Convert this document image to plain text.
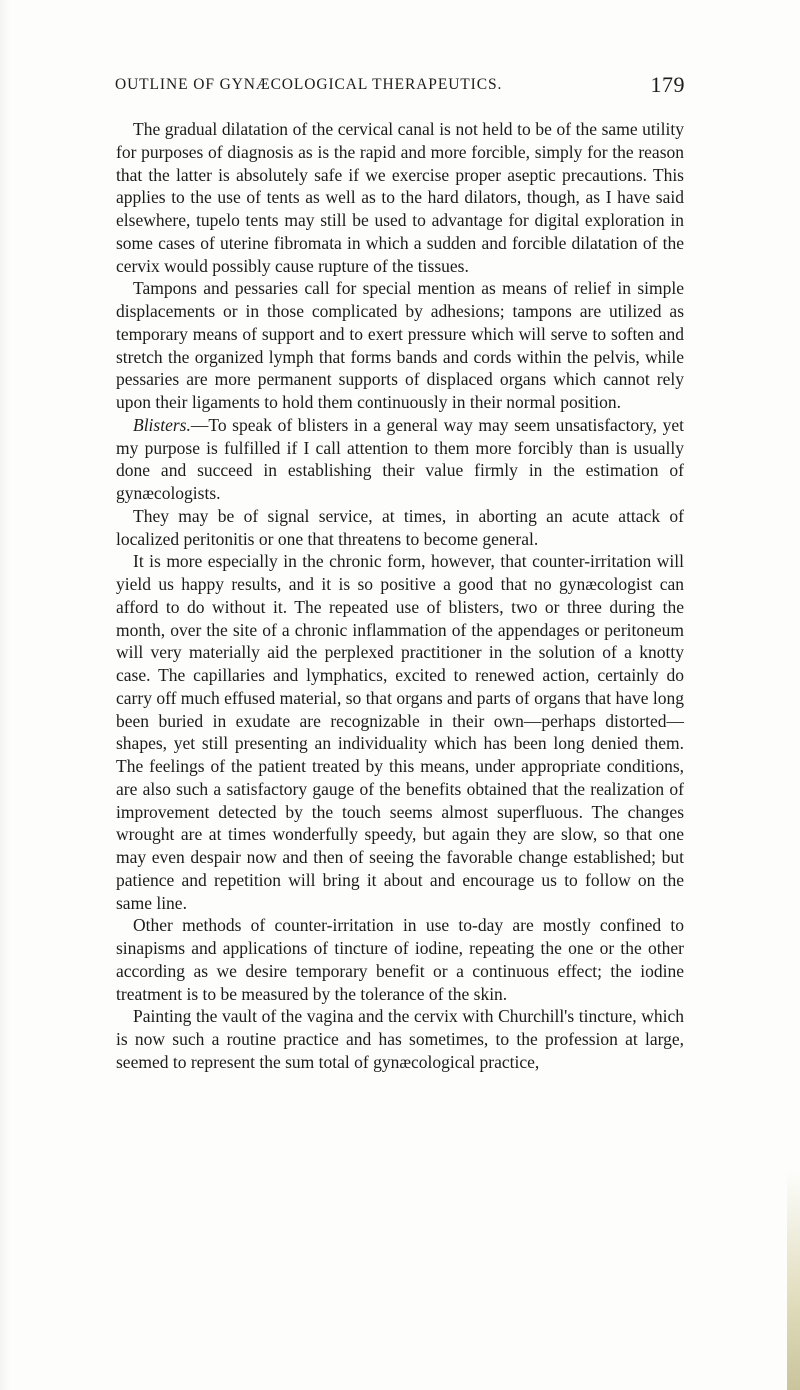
OUTLINE OF GYNÆCOLOGICAL THERAPEUTICS.	179

The gradual dilatation of the cervical canal is not held to be of the same utility for purposes of diagnosis as is the rapid and more forcible, simply for the reason that the latter is absolutely safe if we exercise proper aseptic precautions. This applies to the use of tents as well as to the hard dilators, though, as I have said elsewhere, tupelo tents may still be used to advantage for digital exploration in some cases of uterine fibromata in which a sudden and forcible dilatation of the cervix would possibly cause rupture of the tissues.

Tampons and pessaries call for special mention as means of relief in simple displacements or in those complicated by adhesions; tampons are utilized as temporary means of support and to exert pressure which will serve to soften and stretch the organized lymph that forms bands and cords within the pelvis, while pessaries are more permanent supports of displaced organs which cannot rely upon their ligaments to hold them continuously in their normal position.

Blisters.—To speak of blisters in a general way may seem unsatisfactory, yet my purpose is fulfilled if I call attention to them more forcibly than is usually done and succeed in establishing their value firmly in the estimation of gynæcologists.

They may be of signal service, at times, in aborting an acute attack of localized peritonitis or one that threatens to become general.

It is more especially in the chronic form, however, that counter-irritation will yield us happy results, and it is so positive a good that no gynæcologist can afford to do without it. The repeated use of blisters, two or three during the month, over the site of a chronic inflammation of the appendages or peritoneum will very materially aid the perplexed practitioner in the solution of a knotty case. The capillaries and lymphatics, excited to renewed action, certainly do carry off much effused material, so that organs and parts of organs that have long been buried in exudate are recognizable in their own—perhaps distorted—shapes, yet still presenting an individuality which has been long denied them. The feelings of the patient treated by this means, under appropriate conditions, are also such a satisfactory gauge of the benefits obtained that the realization of improvement detected by the touch seems almost superfluous. The changes wrought are at times wonderfully speedy, but again they are slow, so that one may even despair now and then of seeing the favorable change established; but patience and repetition will bring it about and encourage us to follow on the same line.

Other methods of counter-irritation in use to-day are mostly confined to sinapisms and applications of tincture of iodine, repeating the one or the other according as we desire temporary benefit or a continuous effect; the iodine treatment is to be measured by the tolerance of the skin.

Painting the vault of the vagina and the cervix with Churchill's tincture, which is now such a routine practice and has sometimes, to the profession at large, seemed to represent the sum total of gynæcological practice,
